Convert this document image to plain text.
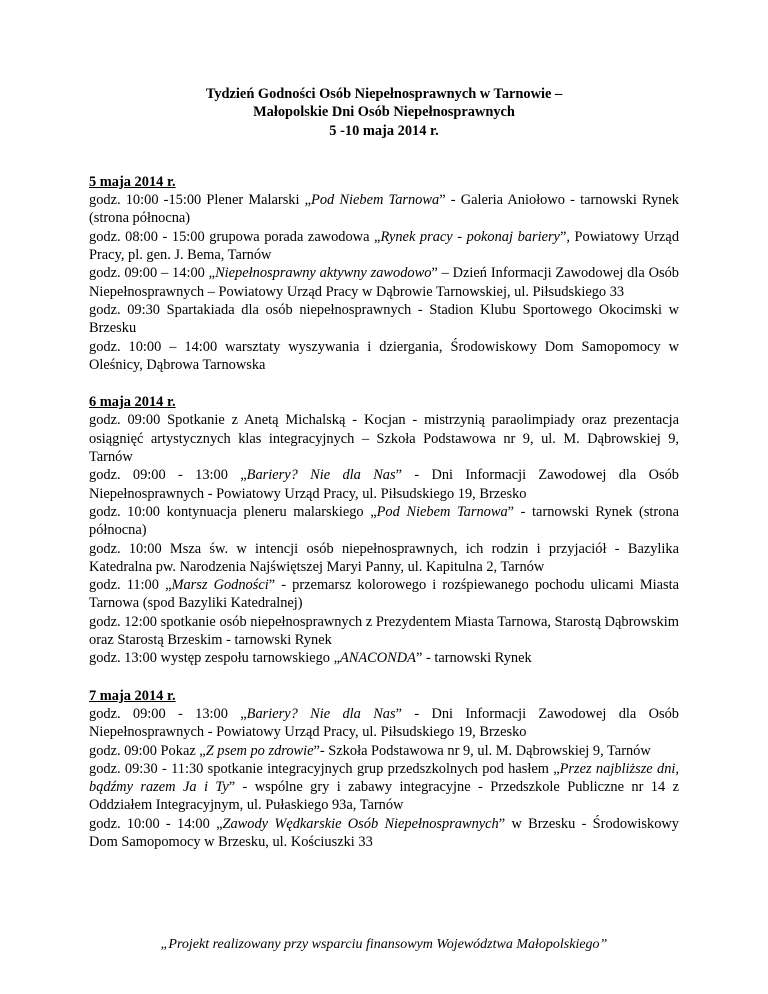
Tydzień Godności Osób Niepełnosprawnych w Tarnowie –
Małopolskie Dni Osób Niepełnosprawnych
5 -10 maja 2014 r.
5 maja 2014 r.
godz. 10:00 -15:00 Plener Malarski „Pod Niebem Tarnowa” - Galeria Aniołowo - tarnowski Rynek (strona północna)
godz. 08:00 - 15:00 grupowa porada zawodowa „Rynek pracy - pokonaj bariery”, Powiatowy Urząd Pracy, pl. gen. J. Bema, Tarnów
godz. 09:00 – 14:00 „Niepełnosprawny aktywny zawodowo” – Dzień Informacji Zawodowej dla Osób Niepełnosprawnych – Powiatowy Urząd Pracy w Dąbrowie Tarnowskiej, ul. Piłsudskiego 33
godz. 09:30 Spartakiada dla osób niepełnosprawnych - Stadion Klubu Sportowego Okocimski w Brzesku
godz. 10:00 – 14:00 warsztaty wyszywania i dziergania, Środowiskowy Dom Samopomocy w Oleśnicy, Dąbrowa Tarnowska
6 maja 2014 r.
godz. 09:00 Spotkanie z Anetą Michalską - Kocjan - mistrzynią paraolimpiady oraz prezentacja osiągnięć artystycznych klas integracyjnych – Szkoła Podstawowa nr 9, ul. M. Dąbrowskiej 9, Tarnów
godz. 09:00 - 13:00 „Bariery? Nie dla Nas” - Dni Informacji Zawodowej dla Osób Niepełnosprawnych - Powiatowy Urząd Pracy, ul. Piłsudskiego 19, Brzesko
godz. 10:00 kontynuacja pleneru malarskiego „Pod Niebem Tarnowa” - tarnowski Rynek (strona północna)
godz. 10:00 Msza św. w intencji osób niepełnosprawnych, ich rodzin i przyjaciół - Bazylika Katedralna pw. Narodzenia Najświętszej Maryi Panny, ul. Kapitulna 2, Tarnów
godz. 11:00 „Marsz Godności” - przemarsz kolorowego i rozśpiewanego pochodu ulicami Miasta Tarnowa (spod Bazyliki Katedralnej)
godz. 12:00 spotkanie osób niepełnosprawnych z Prezydentem Miasta Tarnowa, Starostą Dąbrowskim oraz Starostą Brzeskim - tarnowski Rynek
godz. 13:00 występ zespołu tarnowskiego „ANACONDA” - tarnowski Rynek
7 maja 2014 r.
godz. 09:00 - 13:00 „Bariery? Nie dla Nas” - Dni Informacji Zawodowej dla Osób Niepełnosprawnych - Powiatowy Urząd Pracy, ul. Piłsudskiego 19, Brzesko
godz. 09:00 Pokaz „Z psem po zdrowie”- Szkoła Podstawowa nr 9, ul. M. Dąbrowskiej 9, Tarnów
godz. 09:30 - 11:30 spotkanie integracyjnych grup przedszkolnych pod hasłem „Przez najbliższe dni, bądźmy razem Ja i Ty” - wspólne gry i zabawy integracyjne - Przedszkole Publiczne nr 14 z Oddziałem Integracyjnym, ul. Pułaskiego 93a, Tarnów
godz. 10:00 - 14:00 „Zawody Wędkarskie Osób Niepełnosprawnych” w Brzesku - Środowiskowy Dom Samopomocy w Brzesku, ul. Kościuszki 33
„Projekt realizowany przy wsparciu finansowym Województwa Małopolskiego”
